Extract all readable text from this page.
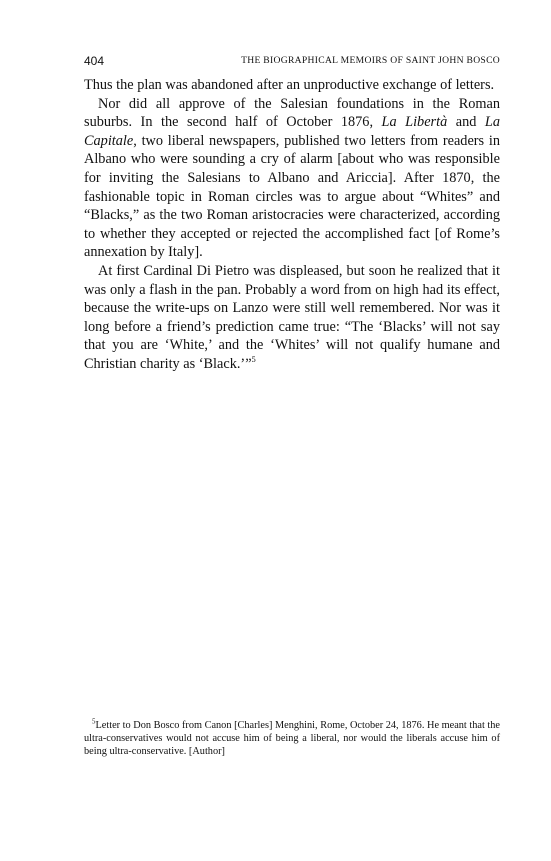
404	THE BIOGRAPHICAL MEMOIRS OF SAINT JOHN BOSCO

Thus the plan was abandoned after an unproductive exchange of letters.

Nor did all approve of the Salesian foundations in the Roman suburbs. In the second half of October 1876, La Libertà and La Capitale, two liberal newspapers, published two letters from readers in Albano who were sounding a cry of alarm [about who was responsible for inviting the Salesians to Albano and Ariccia]. After 1870, the fashionable topic in Roman circles was to argue about “Whites” and “Blacks,” as the two Roman aristocracies were characterized, according to whether they accepted or rejected the accomplished fact [of Rome’s annexation by Italy].

At first Cardinal Di Pietro was displeased, but soon he realized that it was only a flash in the pan. Probably a word from on high had its effect, because the write-ups on Lanzo were still well remembered. Nor was it long before a friend’s prediction came true: “The ‘Blacks’ will not say that you are ‘White,’ and the ‘Whites’ will not qualify humane and Christian charity as ‘Black.’”$^5$

$^5$Letter to Don Bosco from Canon [Charles] Menghini, Rome, October 24, 1876. He meant that the ultra-conservatives would not accuse him of being a liberal, nor would the liberals accuse him of being ultra-conservative. [Author]
